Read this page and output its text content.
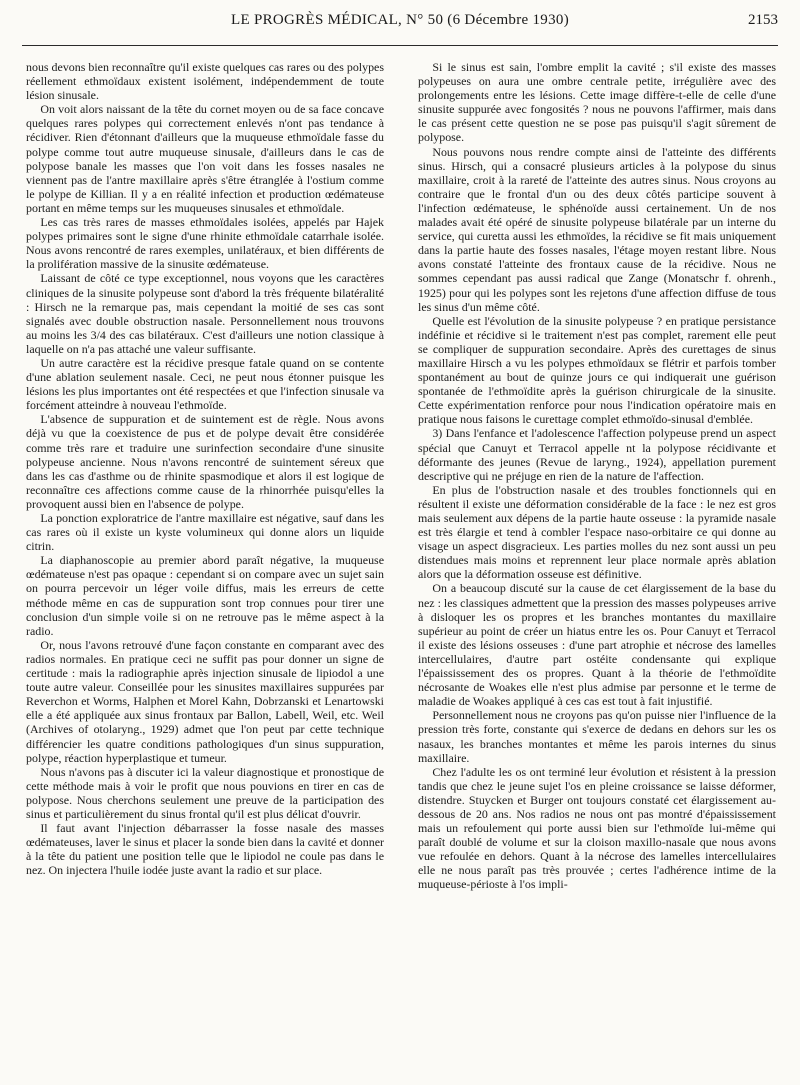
LE PROGRÈS MÉDICAL, N° 50 (6 Décembre 1930)	2153

nous devons bien reconnaître qu'il existe quelques cas rares ou des polypes réellement ethmoïdaux existent isolément, indépendemment de toute lésion sinusale.

On voit alors naissant de la tête du cornet moyen ou de sa face concave quelques rares polypes qui correctement enlevés n'ont pas tendance à récidiver. Rien d'étonnant d'ailleurs que la muqueuse ethmoïdale fasse du polype comme tout autre muqueuse sinusale, d'ailleurs dans le cas de polypose banale les masses que l'on voit dans les fosses nasales ne viennent pas de l'antre maxillaire après s'être étranglée à l'ostium comme le polype de Killian. Il y a en réalité infection et production œdémateuse portant en même temps sur les muqueuses sinusales et ethmoïdale.

Les cas très rares de masses ethmoïdales isolées, appelés par Hajek polypes primaires sont le signe d'une rhinite ethmoïdale catarrhale isolée. Nous avons rencontré de rares exemples, unilatéraux, et bien différents de la prolifération massive de la sinusite œdémateuse.

Laissant de côté ce type exceptionnel, nous voyons que les caractères cliniques de la sinusite polypeuse sont d'abord la très fréquente bilatéralité : Hirsch ne la remarque pas, mais cependant la moitié de ses cas sont signalés avec double obstruction nasale. Personnellement nous trouvons au moins les 3/4 des cas bilatéraux. C'est d'ailleurs une notion classique à laquelle on n'a pas attaché une valeur suffisante.

Un autre caractère est la récidive presque fatale quand on se contente d'une ablation seulement nasale. Ceci, ne peut nous étonner puisque les lésions les plus importantes ont été respectées et que l'infection sinusale va forcément atteindre à nouveau l'ethmoïde.

L'absence de suppuration et de suintement est de règle. Nous avons déjà vu que la coexistence de pus et de polype devait être considérée comme très rare et traduire une surinfection secondaire d'une sinusite polypeuse ancienne. Nous n'avons rencontré de suintement séreux que dans les cas d'asthme ou de rhinite spasmodique et alors il est logique de reconnaître ces affections comme cause de la rhinorrhée puisqu'elles la provoquent aussi bien en l'absence de polype.

La ponction exploratrice de l'antre maxillaire est négative, sauf dans les cas rares où il existe un kyste volumineux qui donne alors un liquide citrin.

La diaphanoscopie au premier abord paraît négative, la muqueuse œdémateuse n'est pas opaque : cependant si on compare avec un sujet sain on pourra percevoir un léger voile diffus, mais les erreurs de cette méthode même en cas de suppuration sont trop connues pour tirer une conclusion d'un simple voile si on ne retrouve pas le même aspect à la radio.

Or, nous l'avons retrouvé d'une façon constante en comparant avec des radios normales. En pratique ceci ne suffit pas pour donner un signe de certitude : mais la radiographie après injection sinusale de lipiodol a une toute autre valeur. Conseillée pour les sinusites maxillaires suppurées par Reverchon et Worms, Halphen et Morel Kahn, Dobrzanski et Lenartowski elle a été appliquée aux sinus frontaux par Ballon, Labell, Weil, etc. Weil (Archives of otolaryng., 1929) admet que l'on peut par cette technique différencier les quatre conditions pathologiques d'un sinus suppuration, polype, réaction hyperplastique et tumeur.

Nous n'avons pas à discuter ici la valeur diagnostique et pronostique de cette méthode mais à voir le profit que nous pouvions en tirer en cas de polypose. Nous cherchons seulement une preuve de la participation des sinus et particulièrement du sinus frontal qu'il est plus délicat d'ouvrir.

Il faut avant l'injection débarrasser la fosse nasale des masses œdémateuses, laver le sinus et placer la sonde bien dans la cavité et donner à la tête du patient une position telle que le lipiodol ne coule pas dans le nez. On injectera l'huile iodée juste avant la radio et sur place.

Si le sinus est sain, l'ombre emplit la cavité ; s'il existe des masses polypeuses on aura une ombre centrale petite, irrégulière avec des prolongements entre les lésions. Cette image diffère-t-elle de celle d'une sinusite suppurée avec fongosités ? nous ne pouvons l'affirmer, mais dans le cas présent cette question ne se pose pas puisqu'il s'agit sûrement de polypose.

Nous pouvons nous rendre compte ainsi de l'atteinte des différents sinus. Hirsch, qui a consacré plusieurs articles à la polypose du sinus maxillaire, croit à la rareté de l'atteinte des autres sinus. Nous croyons au contraire que le frontal d'un ou des deux côtés participe souvent à l'infection œdémateuse, le sphénoïde aussi certainement. Un de nos malades avait été opéré de sinusite polypeuse bilatérale par un interne du service, qui curetta aussi les ethmoïdes, la récidive se fit mais uniquement dans la partie haute des fosses nasales, l'étage moyen restant libre. Nous avons constaté l'atteinte des frontaux cause de la récidive. Nous ne sommes cependant pas aussi radical que Zange (Monatschr f. ohrenh., 1925) pour qui les polypes sont les rejetons d'une affection diffuse de tous les sinus d'un même côté.

Quelle est l'évolution de la sinusite polypeuse ? en pratique persistance indéfinie et récidive si le traitement n'est pas complet, rarement elle peut se compliquer de suppuration secondaire. Après des curettages de sinus maxillaire Hirsch a vu les polypes ethmoïdaux se flétrir et parfois tomber spontanément au bout de quinze jours ce qui indiquerait une guérison spontanée de l'ethmoïdite après la guérison chirurgicale de la sinusite. Cette expérimentation renforce pour nous l'indication opératoire mais en pratique nous faisons le curettage complet ethmoïdo-sinusal d'emblée.

3) Dans l'enfance et l'adolescence l'affection polypeuse prend un aspect spécial que Canuyt et Terracol appelle nt la polypose récidivante et déformante des jeunes (Revue de laryng., 1924), appellation purement descriptive qui ne préjuge en rien de la nature de l'affection.

En plus de l'obstruction nasale et des troubles fonctionnels qui en résultent il existe une déformation considérable de la face : le nez est gros mais seulement aux dépens de la partie haute osseuse : la pyramide nasale est très élargie et tend à combler l'espace naso-orbitaire ce qui donne au visage un aspect disgracieux. Les parties molles du nez sont aussi un peu distendues mais moins et reprennent leur place normale après ablation alors que la déformation osseuse est définitive.

On a beaucoup discuté sur la cause de cet élargissement de la base du nez : les classiques admettent que la pression des masses polypeuses arrive à disloquer les os propres et les branches montantes du maxillaire supérieur au point de créer un hiatus entre les os. Pour Canuyt et Terracol il existe des lésions osseuses : d'une part atrophie et nécrose des lamelles intercellulaires, d'autre part ostéite condensante qui explique l'épaississement des os propres. Quant à la théorie de l'ethmoïdite nécrosante de Woakes elle n'est plus admise par personne et le terme de maladie de Woakes appliqué à ces cas est tout à fait injustifié.

Personnellement nous ne croyons pas qu'on puisse nier l'influence de la pression très forte, constante qui s'exerce de dedans en dehors sur les os nasaux, les branches montantes et même les parois internes du sinus maxillaire.

Chez l'adulte les os ont terminé leur évolution et résistent à la pression tandis que chez le jeune sujet l'os en pleine croissance se laisse déformer, distendre. Stuycken et Burger ont toujours constaté cet élargissement au-dessous de 20 ans. Nos radios ne nous ont pas montré d'épaississement mais un refoulement qui porte aussi bien sur l'ethmoïde lui-même qui paraît doublé de volume et sur la cloison maxillo-nasale que nous avons vue refoulée en dehors. Quant à la nécrose des lamelles intercellulaires elle ne nous paraît pas très prouvée ; certes l'adhérence intime de la muqueuse-périoste à l'os impli-
